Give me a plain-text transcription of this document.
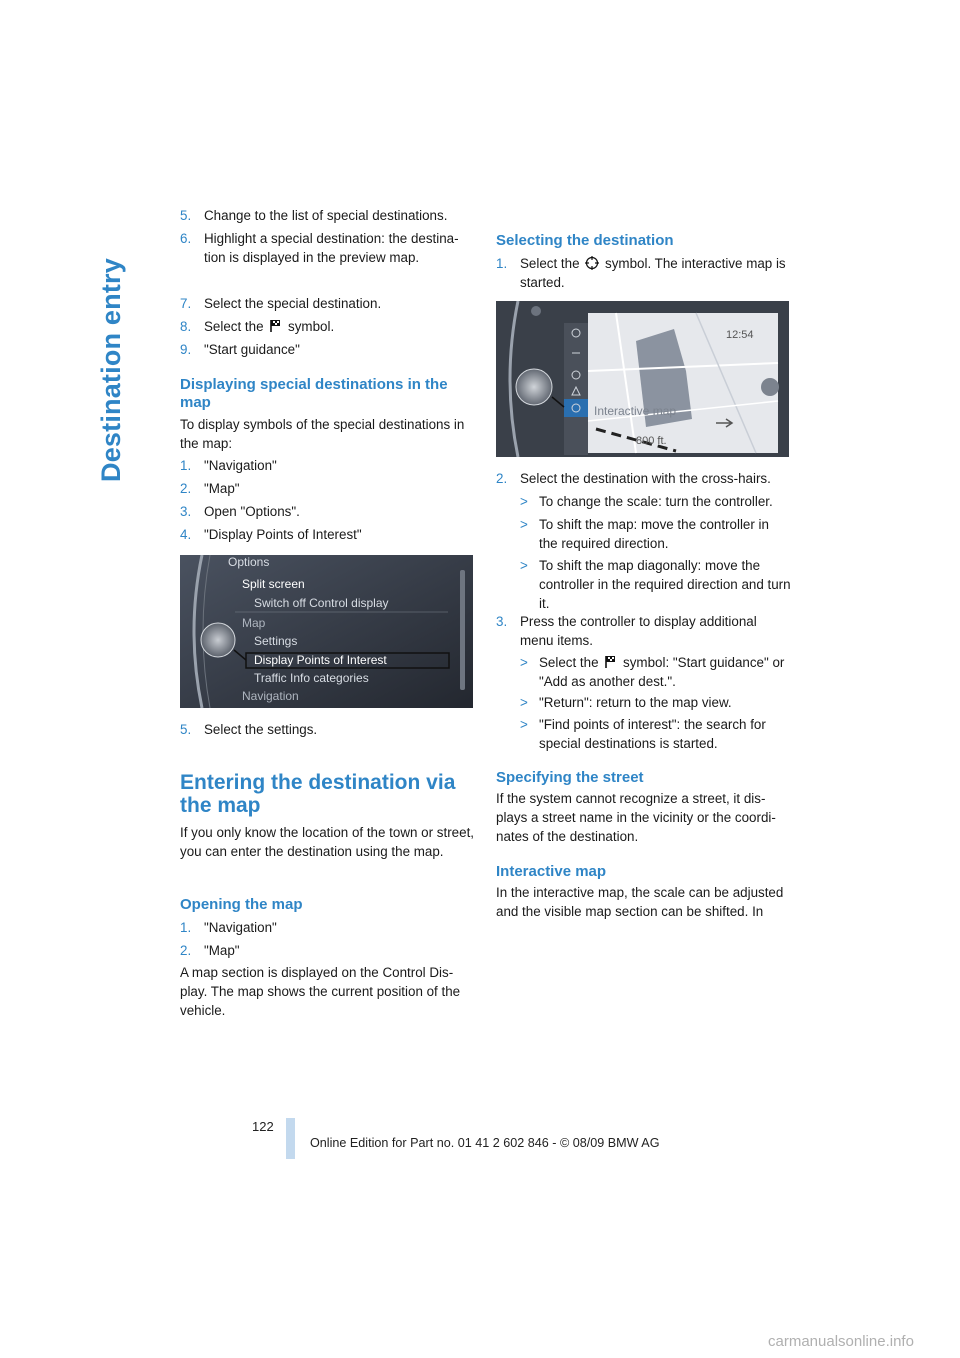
Destination entry
5. Change to the list of special destinations.
6. Highlight a special destination: the destina-tion is displayed in the preview map.
7. Select the special destination.
8. Select the symbol.
9. "Start guidance"
Displaying special destinations in the map
To display symbols of the special destinations in the map:
1. "Navigation"
2. "Map"
3. Open "Options".
4. "Display Points of Interest"
Options
Split screen
Switch off Control display
Map
Settings
Display Points of Interest
Traffic Info categories
Navigation
5. Select the settings.
Entering the destination via the map
If you only know the location of the town or street, you can enter the destination using the map.
Opening the map
1. "Navigation"
2. "Map"
A map section is displayed on the Control Dis-play. The map shows the current position of the vehicle.
Selecting the destination
1. Select the symbol. The interactive map is started.
12:54
Interactive map
800 ft.
2. Select the destination with the cross-hairs.
> To change the scale: turn the controller.
> To shift the map: move the controller in the required direction.
> To shift the map diagonally: move the controller in the required direction and turn it.
3. Press the controller to display additional menu items.
> Select the symbol: "Start guidance" or "Add as another dest.".
> "Return": return to the map view.
> "Find points of interest": the search for special destinations is started.
Specifying the street
If the system cannot recognize a street, it dis-plays a street name in the vicinity or the coordi-nates of the destination.
Interactive map
In the interactive map, the scale can be adjusted and the visible map section can be shifted. In
122
Online Edition for Part no. 01 41 2 602 846 - © 08/09 BMW AG
carmanualsonline.info
